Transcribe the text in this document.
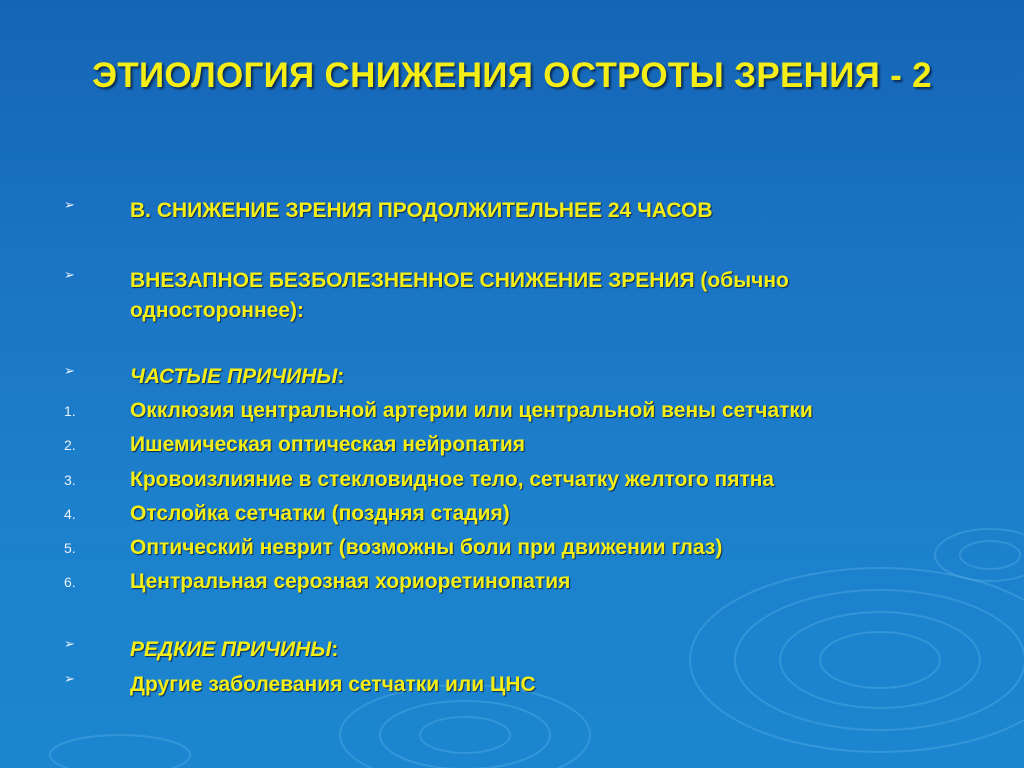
ЭТИОЛОГИЯ СНИЖЕНИЯ ОСТРОТЫ ЗРЕНИЯ - 2
➢	В. СНИЖЕНИЕ ЗРЕНИЯ ПРОДОЛЖИТЕЛЬНЕЕ 24 ЧАСОВ
➢	ВНЕЗАПНОЕ БЕЗБОЛЕЗНЕННОЕ СНИЖЕНИЕ ЗРЕНИЯ (обычно одностороннее):
➢	ЧАСТЫЕ ПРИЧИНЫ:
1.	Окклюзия центральной артерии или центральной вены сетчатки
2.	Ишемическая оптическая нейропатия
3.	Кровоизлияние в стекловидное тело, сетчатку желтого пятна
4.	Отслойка сетчатки (поздняя стадия)
5.	Оптический неврит (возможны боли при движении глаз)
6.	Центральная серозная хориоретинопатия
➢	РЕДКИЕ ПРИЧИНЫ:
➢	Другие заболевания сетчатки или ЦНС
